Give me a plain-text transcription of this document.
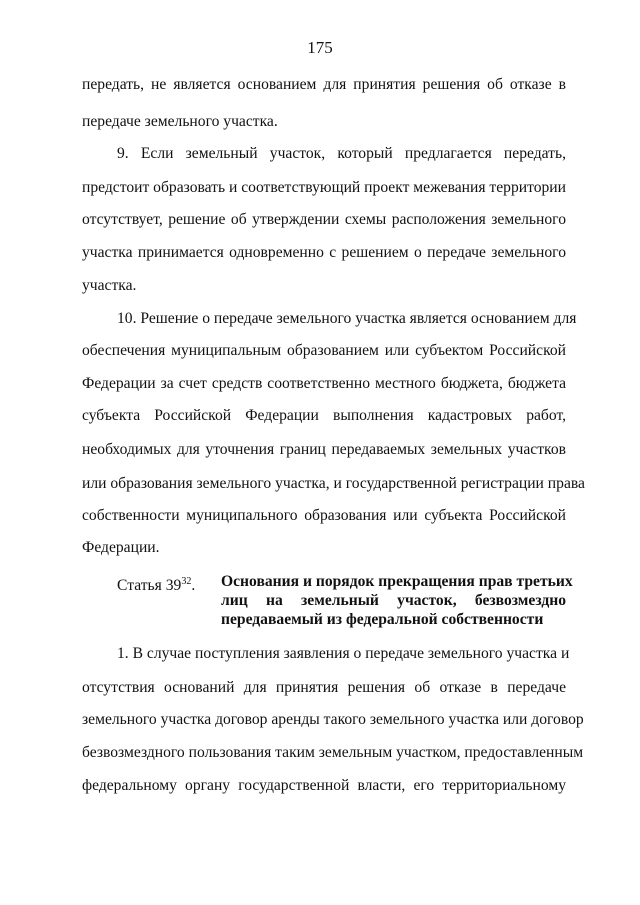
175
передать, не является основанием для принятия решения об отказе в
передаче земельного участка.
9. Если земельный участок, который предлагается передать,
предстоит образовать и соответствующий проект межевания территории
отсутствует, решение об утверждении схемы расположения земельного
участка принимается одновременно с решением о передаче земельного
участка.
10. Решение о передаче земельного участка является основанием для
обеспечения муниципальным образованием или субъектом Российской
Федерации за счет средств соответственно местного бюджета, бюджета
субъекта Российской Федерации выполнения кадастровых работ,
необходимых для уточнения границ передаваемых земельных участков
или образования земельного участка, и государственной регистрации права
собственности муниципального образования или субъекта Российской
Федерации.
Статья $39^{32}$. Основания и порядок прекращения прав третьих
лиц на земельный участок, безвозмездно
передаваемый из федеральной собственности
1. В случае поступления заявления о передаче земельного участка и
отсутствия оснований для принятия решения об отказе в передаче
земельного участка договор аренды такого земельного участка или договор
безвозмездного пользования таким земельным участком, предоставленным
федеральному органу государственной власти, его территориальному
